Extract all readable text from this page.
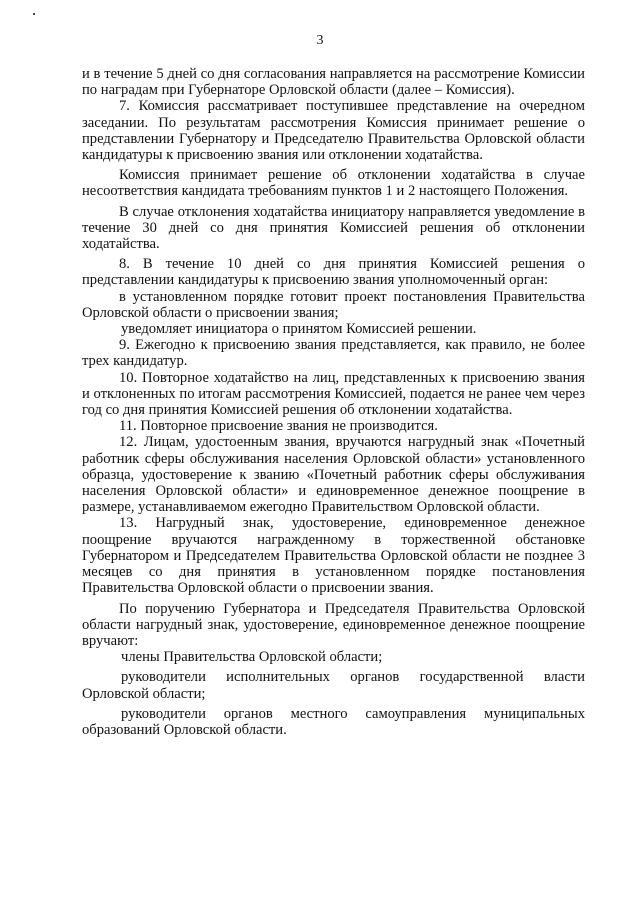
3

и в течение 5 дней со дня согласования направляется на рассмотрение Комиссии по наградам при Губернаторе Орловской области (далее – Комиссия).

7. Комиссия рассматривает поступившее представление на очередном заседании. По результатам рассмотрения Комиссия принимает решение о представлении Губернатору и Председателю Правительства Орловской области кандидатуры к присвоению звания или отклонении ходатайства.

Комиссия принимает решение об отклонении ходатайства в случае несоответствия кандидата требованиям пунктов 1 и 2 настоящего Положения.

В случае отклонения ходатайства инициатору направляется уведомление в течение 30 дней со дня принятия Комиссией решения об отклонении ходатайства.

8. В течение 10 дней со дня принятия Комиссией решения о представлении кандидатуры к присвоению звания уполномоченный орган:

в установленном порядке готовит проект постановления Правительства Орловской области о присвоении звания;

уведомляет инициатора о принятом Комиссией решении.

9. Ежегодно к присвоению звания представляется, как правило, не более трех кандидатур.

10. Повторное ходатайство на лиц, представленных к присвоению звания и отклоненных по итогам рассмотрения Комиссией, подается не ранее чем через год со дня принятия Комиссией решения об отклонении ходатайства.

11. Повторное присвоение звания не производится.

12. Лицам, удостоенным звания, вручаются нагрудный знак «Почетный работник сферы обслуживания населения Орловской области» установленного образца, удостоверение к званию «Почетный работник сферы обслуживания населения Орловской области» и единовременное денежное поощрение в размере, устанавливаемом ежегодно Правительством Орловской области.

13. Нагрудный знак, удостоверение, единовременное денежное поощрение вручаются награжденному в торжественной обстановке Губернатором и Председателем Правительства Орловской области не позднее 3 месяцев со дня принятия в установленном порядке постановления Правительства Орловской области о присвоении звания.

По поручению Губернатора и Председателя Правительства Орловской области нагрудный знак, удостоверение, единовременное денежное поощрение вручают:

члены Правительства Орловской области;

руководители исполнительных органов государственной власти Орловской области;

руководители органов местного самоуправления муниципальных образований Орловской области.
